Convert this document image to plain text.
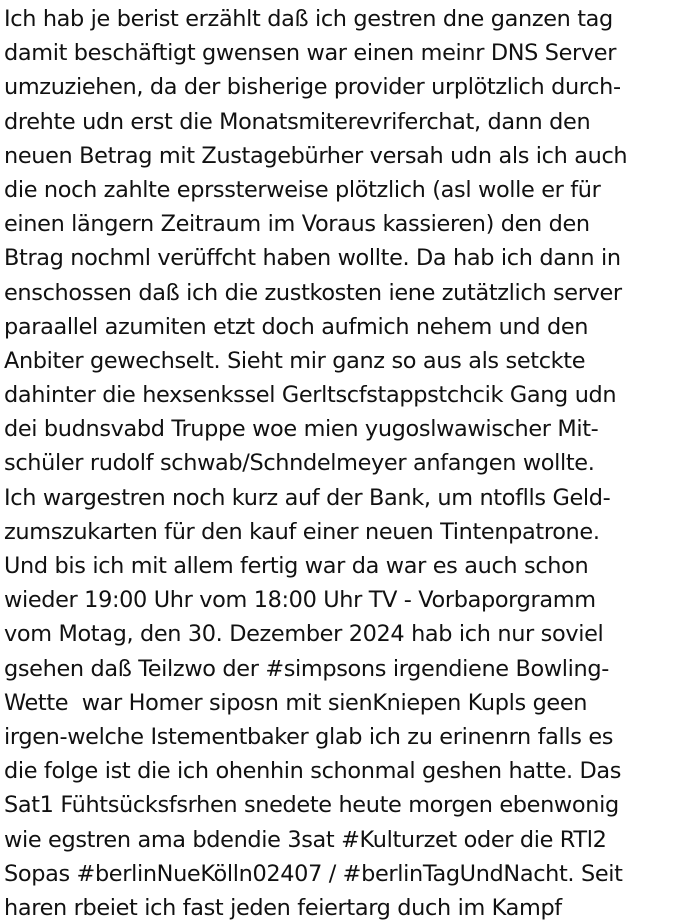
Ich hab je berist erzählt daß ich gestren dne ganzen tag
damit beschäftigt gwensen war einen meinr DNS Server
umzuziehen, da der bisherige provider urplötzlich durch-
drehte udn erst die Monatsmiterevriferchat, dann den
neuen Betrag mit Zustagebürher versah udn als ich auch
die noch zahlte eprssterweise plötzlich (asl wolle er für
einen längern Zeitraum im Voraus kassieren) den den
Btrag nochml verüffcht haben wollte. Da hab ich dann in
enschossen daß ich die zustkosten iene zutätzlich server
paraallel azumiten etzt doch aufmich nehem und den
Anbiter gewechselt. Sieht mir ganz so aus als setckte
dahinter die hexsenkssel Gerltscfstappstchcik Gang udn
dei budnsvabd Truppe woe mien yugoslwawischer Mit-
schüler rudolf schwab/Schndelmeyer anfangen wollte.
Ich wargestren noch kurz auf der Bank, um ntoflls Geld-
zumszukarten für den kauf einer neuen Tintenpatrone.
Und bis ich mit allem fertig war da war es auch schon
wieder 19:00 Uhr vom 18:00 Uhr TV - Vorbaporgramm
vom Motag, den 30. Dezember 2024 hab ich nur soviel
gsehen daß Teilzwo der #simpsons irgendiene Bowling-
Wette  war Homer siposn mit sienKniepen Kupls geen
irgen-welche Istementbaker glab ich zu erinenrn falls es
die folge ist die ich ohenhin schonmal geshen hatte. Das
Sat1 Fühtsücksfsrhen snedete heute morgen ebenwonig
wie egstren ama bdendie 3sat #Kulturzet oder die RTl2
Sopas #berlinNueKölln02407 / #berlinTagUndNacht. Seit
haren rbeiet ich fast jeden feiertarg duch im Kampf
